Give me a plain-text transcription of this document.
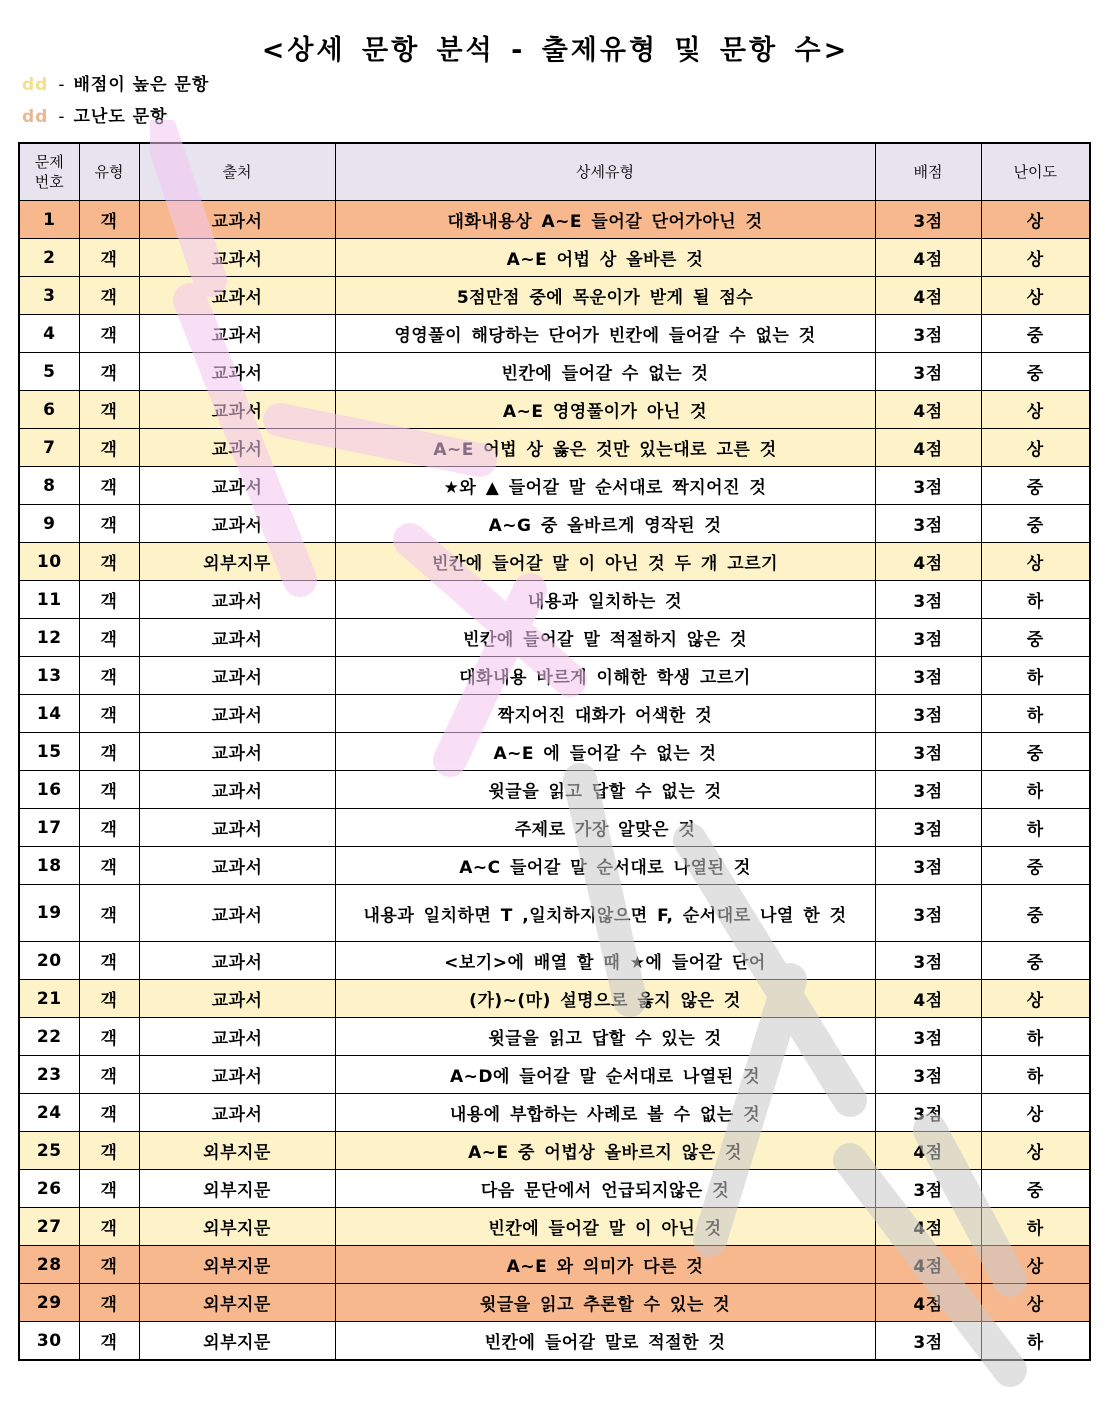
<상세 문항 분석 - 출제유형 및 문항 수>
dd - 배점이 높은 문항
dd - 고난도 문항
문제
번호	유형	출처	상세유형	배점	난이도
1	객	교과서	대화내용상 A~E 들어갈 단어가아닌 것	3점	상
2	객	교과서	A~E 어법 상 올바른 것	4점	상
3	객	교과서	5점만점 중에 목운이가 받게 될 점수	4점	상
4	객	교과서	영영풀이 해당하는 단어가 빈칸에 들어갈 수 없는 것	3점	중
5	객	교과서	빈칸에 들어갈 수 없는 것	3점	중
6	객	교과서	A~E 영영풀이가 아닌 것	4점	상
7	객	교과서	A~E 어법 상 옳은 것만 있는대로 고른 것	4점	상
8	객	교과서	★와 ▲ 들어갈 말 순서대로 짝지어진 것	3점	중
9	객	교과서	A~G 중 올바르게 영작된 것	3점	중
10	객	외부지무	빈칸에 들어갈 말 이 아닌 것 두 개 고르기	4점	상
11	객	교과서	내용과 일치하는 것	3점	하
12	객	교과서	빈칸에 들어갈 말 적절하지 않은 것	3점	중
13	객	교과서	대화내용 바르게 이해한 학생 고르기	3점	하
14	객	교과서	짝지어진 대화가 어색한 것	3점	하
15	객	교과서	A~E 에 들어갈 수 없는 것	3점	중
16	객	교과서	윗글을 읽고 답할 수 없는 것	3점	하
17	객	교과서	주제로 가장 알맞은 것	3점	하
18	객	교과서	A~C 들어갈 말 순서대로 나열된 것	3점	중
19	객	교과서	내용과 일치하면 T ,일치하지않으면 F, 순서대로 나열 한 것	3점	중
20	객	교과서	<보기>에 배열 할 때 ★에 들어갈 단어	3점	중
21	객	교과서	(가)~(마) 설명으로 옳지 않은 것	4점	상
22	객	교과서	윗글을 읽고 답할 수 있는 것	3점	하
23	객	교과서	A~D에 들어갈 말 순서대로 나열된 것	3점	하
24	객	교과서	내용에 부합하는 사례로 볼 수 없는 것	3점	상
25	객	외부지문	A~E 중 어법상 올바르지 않은 것	4점	상
26	객	외부지문	다음 문단에서 언급되지않은 것	3점	중
27	객	외부지문	빈칸에 들어갈 말 이 아닌 것	4점	하
28	객	외부지문	A~E 와 의미가 다른 것	4점	상
29	객	외부지문	윗글을 읽고 추론할 수 있는 것	4점	상
30	객	외부지문	빈칸에 들어갈 말로 적절한 것	3점	하
